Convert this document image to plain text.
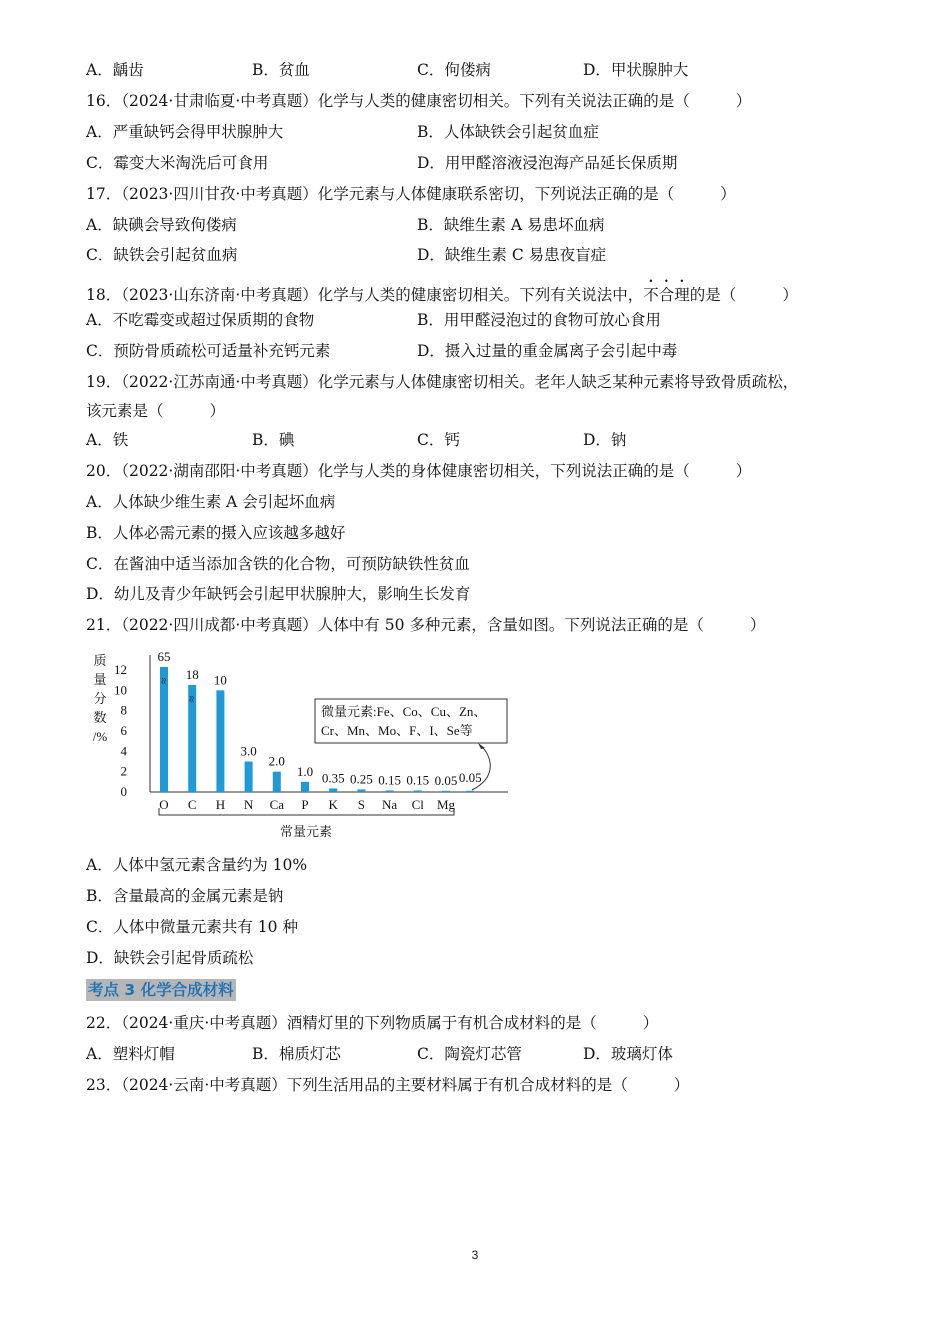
A．龋齿	B．贫血	C．佝偻病	D．甲状腺肿大
16．（2024·甘肃临夏·中考真题）化学与人类的健康密切相关。下列有关说法正确的是（	）
A．严重缺钙会得甲状腺肿大	B．人体缺铁会引起贫血症
C．霉变大米淘洗后可食用	D．用甲醛溶液浸泡海产品延长保质期
17．（2023·四川甘孜·中考真题）化学元素与人体健康联系密切，下列说法正确的是（	）
A．缺碘会导致佝偻病	B．缺维生素 A 易患坏血病
C．缺铁会引起贫血病	D．缺维生素 C 易患夜盲症
18．（2023·山东济南·中考真题）化学与人类的健康密切相关。下列有关说法中，不合理的是（	）
A．不吃霉变或超过保质期的食物	B．用甲醛浸泡过的食物可放心食用
C．预防骨质疏松可适量补充钙元素	D．摄入过量的重金属离子会引起中毒
19．（2022·江苏南通·中考真题）化学元素与人体健康密切相关。老年人缺乏某种元素将导致骨质疏松，
该元素是（	）
A．铁	B．碘	C．钙	D．钠
20．（2022·湖南邵阳·中考真题）化学与人类的身体健康密切相关，下列说法正确的是（	）
A．人体缺少维生素 A 会引起坏血病
B．人体必需元素的摄入应该越多越好
C．在酱油中适当添加含铁的化合物，可预防缺铁性贫血
D．幼儿及青少年缺钙会引起甲状腺肿大，影响生长发育
21．（2022·四川成都·中考真题）人体中有 50 多种元素，含量如图。下列说法正确的是（	）
质
量
分
数
/%
0
2
4
6
8
10
12
≈
≈
O C H N Ca P K S Na Cl Mg
65
18 10
3.0
2.0
1.0 0.35 0.25 0.15 0.15 0.05 0.05
微量元素:Fe、Co、Cu、Zn、
Cr、Mn、Mo、F、I、Se等
常量元素
A．人体中氢元素含量约为 10%
B．含量最高的金属元素是钠
C．人体中微量元素共有 10 种
D．缺铁会引起骨质疏松
考点 3 化学合成材料
22．（2024·重庆·中考真题）酒精灯里的下列物质属于有机合成材料的是（	）
A．塑料灯帽	B．棉质灯芯	C．陶瓷灯芯管	D．玻璃灯体
23．（2024·云南·中考真题）下列生活用品的主要材料属于有机合成材料的是（	）
3
